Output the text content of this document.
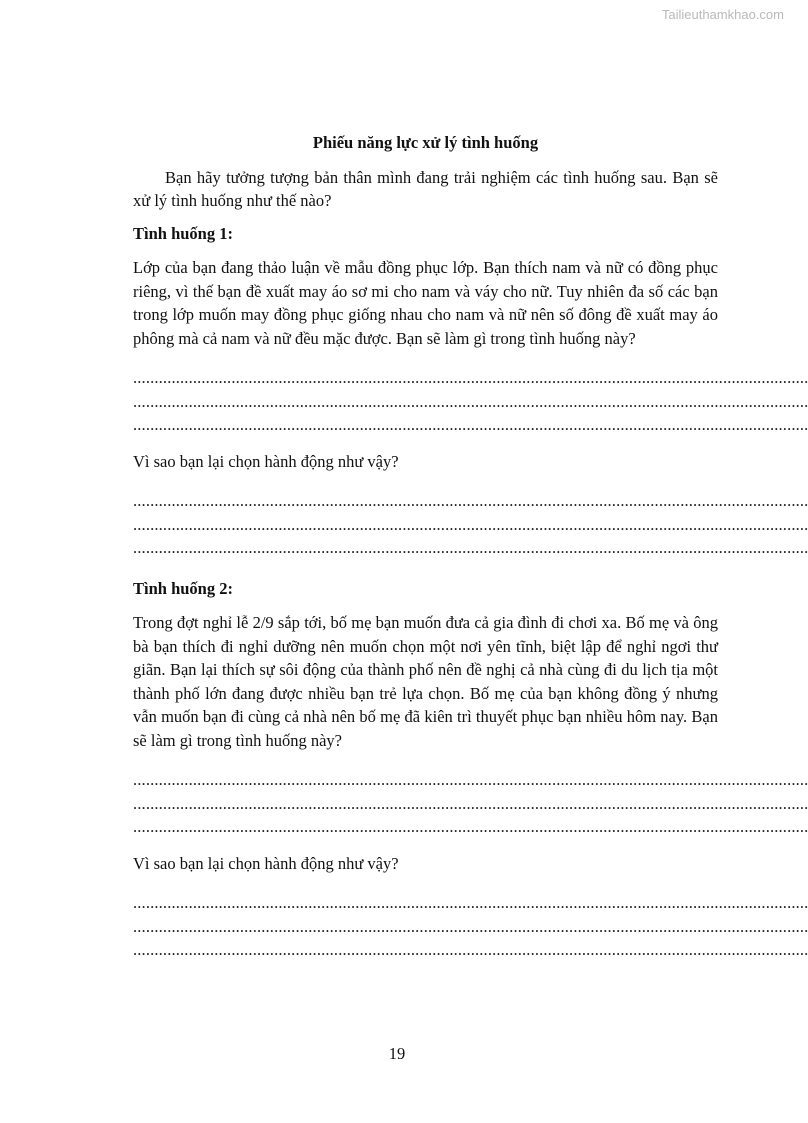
Tailieuthamkhao.com
Phiếu năng lực xử lý tình huống
Bạn hãy tưởng tượng bản thân mình đang trải nghiệm các tình huống sau. Bạn sẽ xử lý tình huống như thế nào?
Tình huống 1:
Lớp của bạn đang thảo luận về mẫu đồng phục lớp. Bạn thích nam và nữ có đồng phục riêng, vì thế bạn đề xuất may áo sơ mi cho nam và váy cho nữ. Tuy nhiên đa số các bạn trong lớp muốn may đồng phục giống nhau cho nam và nữ nên số đông đề xuất may áo phông mà cả nam và nữ đều mặc được. Bạn sẽ làm gì trong tình huống này?
..............................................................................................................................................................
..............................................................................................................................................................
..............................................................................................................................................................
Vì sao bạn lại chọn hành động như vậy?
..............................................................................................................................................................
..............................................................................................................................................................
..............................................................................................................................................................
Tình huống 2:
Trong đợt nghỉ lễ 2/9 sắp tới, bố mẹ bạn muốn đưa cả gia đình đi chơi xa. Bố mẹ và ông bà bạn thích đi nghỉ dưỡng nên muốn chọn một nơi yên tĩnh, biệt lập để nghỉ ngơi thư giãn. Bạn lại thích sự sôi động của thành phố nên đề nghị cả nhà cùng đi du lịch tịa một thành phố lớn đang được nhiều bạn trẻ lựa chọn. Bố mẹ của bạn không đồng ý nhưng vẫn muốn bạn đi cùng cả nhà nên bố mẹ đã kiên trì thuyết phục bạn nhiều hôm nay. Bạn sẽ làm gì trong tình huống này?
..............................................................................................................................................................
..............................................................................................................................................................
..............................................................................................................................................................
Vì sao bạn lại chọn hành động như vậy?
..............................................................................................................................................................
..............................................................................................................................................................
..............................................................................................................................................................
19
